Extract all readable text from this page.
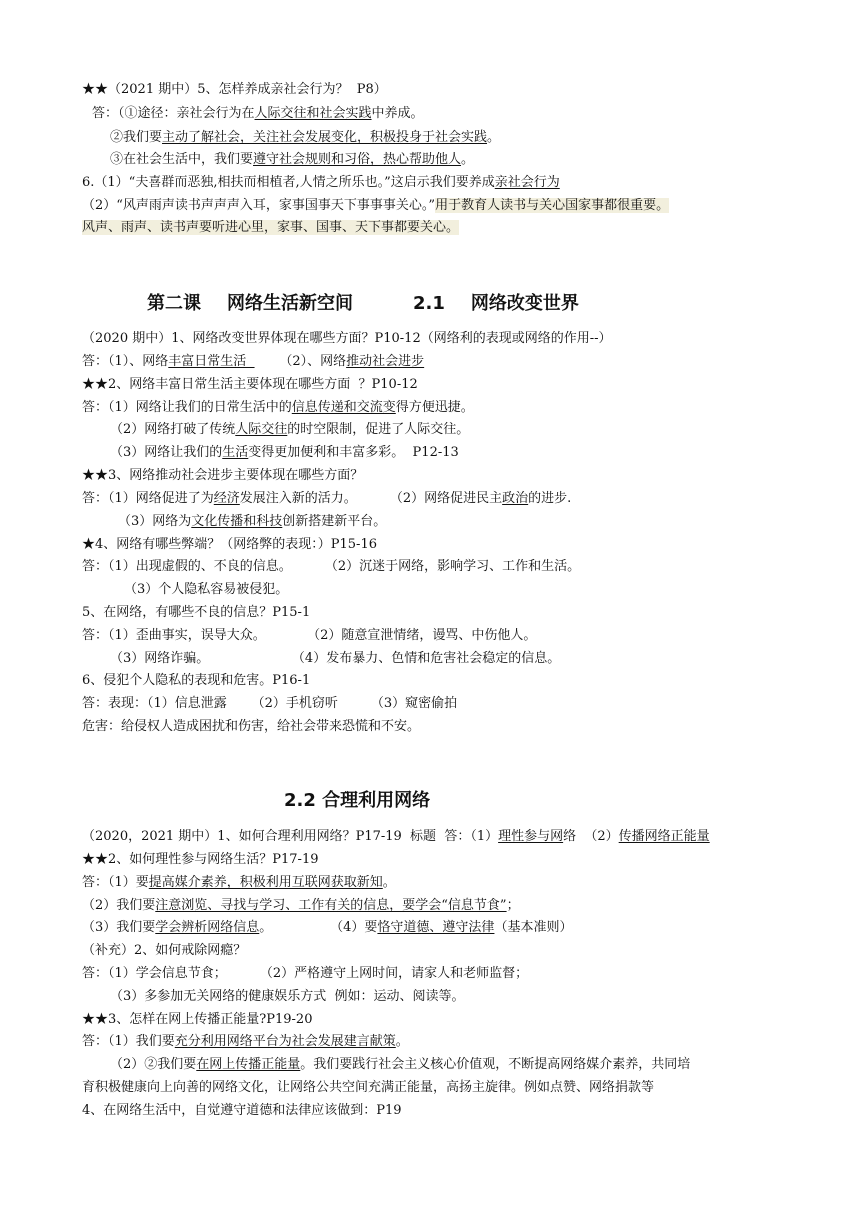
★★（2021 期中）5、怎样养成亲社会行为？  P8）
答：（①途径：亲社会行为在人际交往和社会实践中养成。
②我们要主动了解社会，关注社会发展变化，积极投身于社会实践。
③在社会生活中，我们要遵守社会规则和习俗，热心帮助他人。
6.（1）“夫喜群而恶独,相扶而相植者,人情之所乐也。”这启示我们要养成亲社会行为
（2）“风声雨声读书声声声入耳，家事国事天下事事事关心。”用于教育人读书与关心国家事都很重要。
风声、雨声、读书声要听进心里，家事、国事、天下事都要关心。
第二课 网络生活新空间	2.1 网络改变世界
（2020 期中）1、网络改变世界体现在哪些方面？P10-12（网络利的表现或网络的作用--）
答：（1）、网络丰富日常生活        （2）、网络推动社会进步
★★2、网络丰富日常生活主要体现在哪些方面  ？P10-12
答：（1）网络让我们的日常生活中的信息传递和交流变得方便迅捷。
（2）网络打破了传统人际交往的时空限制，促进了人际交往。
（3）网络让我们的生活变得更加便利和丰富多彩。  P12-13
★★3、网络推动社会进步主要体现在哪些方面？
答：（1）网络促进了为经济发展注入新的活力。        （2）网络促进民主政治的进步.
（3）网络为文化传播和科技创新搭建新平台。
★4、网络有哪些弊端？（网络弊的表现：）P15-16
答：（1）出现虚假的、不良的信息。        （2）沉迷于网络，影响学习、工作和生活。
（3）个人隐私容易被侵犯。
5、在网络，有哪些不良的信息？P15-1
答：（1）歪曲事实，误导大众。          （2）随意宣泄情绪，谩骂、中伤他人。
（3）网络诈骗。                    （4）发布暴力、色情和危害社会稳定的信息。
6、侵犯个人隐私的表现和危害。P16-1
答：表现：（1）信息泄露      （2）手机窃听        （3）窥密偷拍
危害：给侵权人造成困扰和伤害，给社会带来恐慌和不安。
2.2 合理利用网络
（2020，2021 期中）1、如何合理利用网络？P17-19  标题  答：（1）理性参与网络  （2）传播网络正能量
★★2、如何理性参与网络生活？P17-19
答：（1）要提高媒介素养，积极利用互联网获取新知。
（2）我们要注意浏览、寻找与学习、工作有关的信息，要学会“信息节食”；
（3）我们要学会辨析网络信息。              （4）要恪守道德、遵守法律（基本准则）
（补充）2、如何戒除网瘾？
答：（1）学会信息节食；        （2）严格遵守上网时间，请家人和老师监督；
（3）多参加无关网络的健康娱乐方式  例如：运动、阅读等。
★★3、怎样在网上传播正能量?P19-20
答：（1）我们要充分利用网络平台为社会发展建言献策。
（2）②我们要在网上传播正能量。我们要践行社会主义核心价值观，不断提高网络媒介素养，共同培
育积极健康向上向善的网络文化，让网络公共空间充满正能量，高扬主旋律。例如点赞、网络捐款等
4、在网络生活中，自觉遵守道德和法律应该做到：P19
